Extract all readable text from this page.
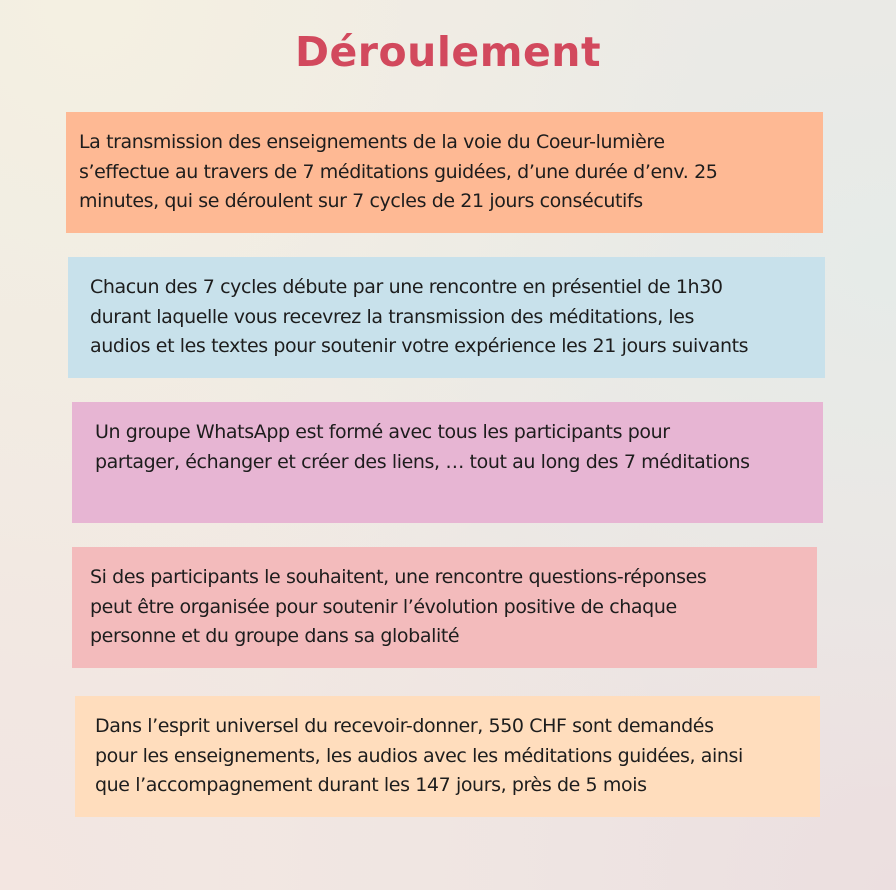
Déroulement
La transmission des enseignements de la voie du Coeur-lumière
s’effectue au travers de 7 méditations guidées, d’une durée d’env. 25
minutes, qui se déroulent sur 7 cycles de 21 jours consécutifs
Chacun des 7 cycles débute par une rencontre en présentiel de 1h30
durant laquelle vous recevrez la transmission des méditations, les
audios et les textes pour soutenir votre expérience les 21 jours suivants
Un groupe WhatsApp est formé avec tous les participants pour
partager, échanger et créer des liens, … tout au long des 7 méditations
Si des participants le souhaitent, une rencontre questions-réponses
peut être organisée pour soutenir l’évolution positive de chaque
personne et du groupe dans sa globalité
Dans l’esprit universel du recevoir-donner, 550 CHF sont demandés
pour les enseignements, les audios avec les méditations guidées, ainsi
que l’accompagnement durant les 147 jours, près de 5 mois
